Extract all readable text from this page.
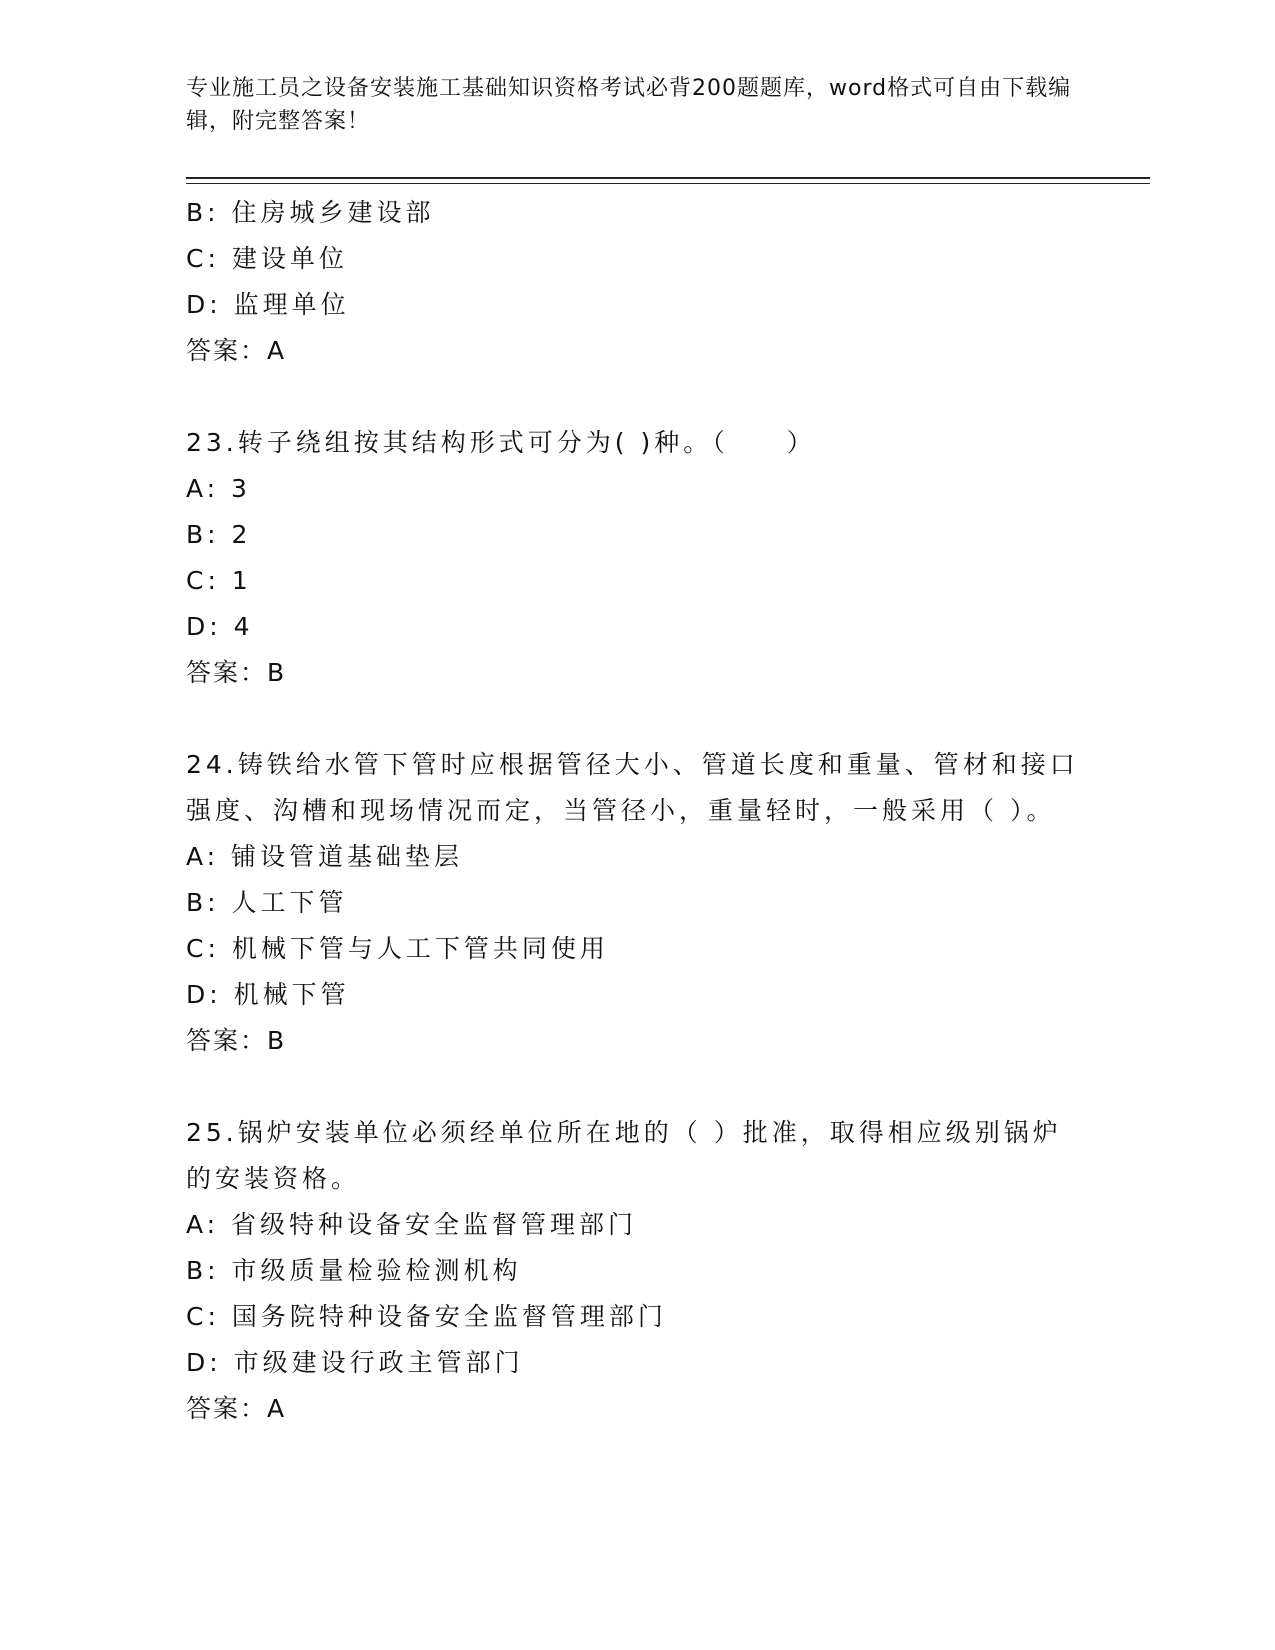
专业施工员之设备安装施工基础知识资格考试必背200题题库，word格式可自由下载编辑，附完整答案！
B: 住房城乡建设部
C: 建设单位
D: 监理单位
答案：A
23.转子绕组按其结构形式可分为( )种。（　　）
A: 3
B: 2
C: 1
D: 4
答案：B
24.铸铁给水管下管时应根据管径大小、管道长度和重量、管材和接口强度、沟槽和现场情况而定，当管径小，重量轻时，一般采用（ ）。
A: 铺设管道基础垫层
B: 人工下管
C: 机械下管与人工下管共同使用
D: 机械下管
答案：B
25.锅炉安装单位必须经单位所在地的（ ）批准，取得相应级别锅炉的安装资格。
A: 省级特种设备安全监督管理部门
B: 市级质量检验检测机构
C: 国务院特种设备安全监督管理部门
D: 市级建设行政主管部门
答案：A
